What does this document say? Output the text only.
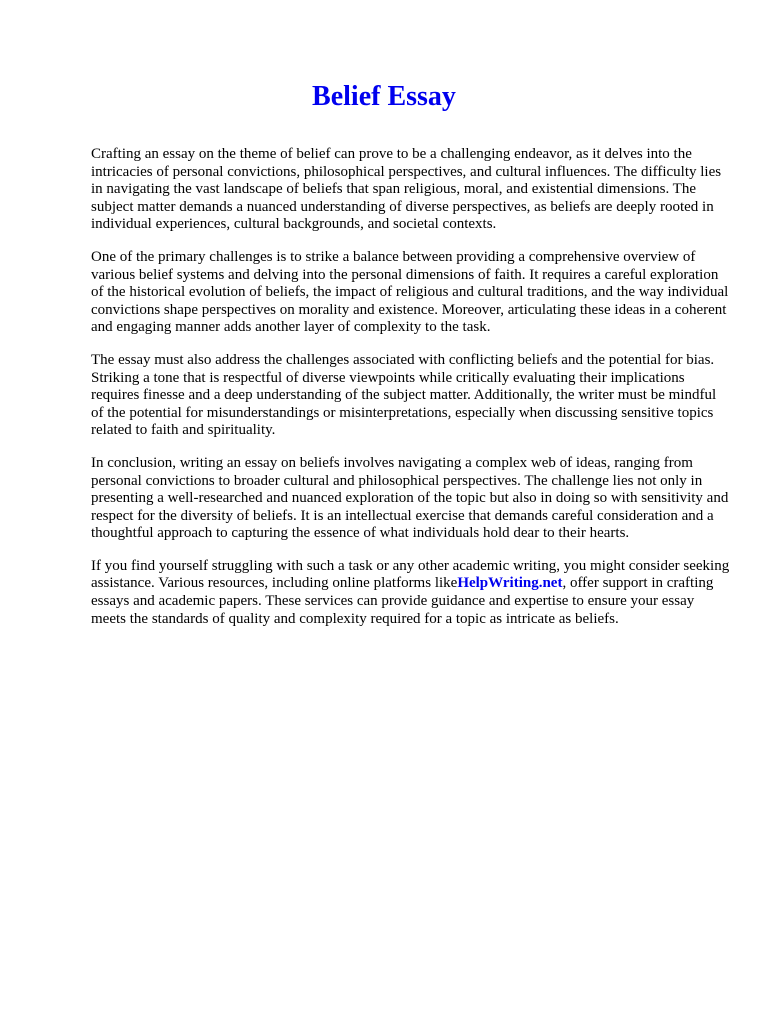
Belief Essay

Crafting an essay on the theme of belief can prove to be a challenging endeavor, as it delves into the intricacies of personal convictions, philosophical perspectives, and cultural influences. The difficulty lies in navigating the vast landscape of beliefs that span religious, moral, and existential dimensions. The subject matter demands a nuanced understanding of diverse perspectives, as beliefs are deeply rooted in individual experiences, cultural backgrounds, and societal contexts.

One of the primary challenges is to strike a balance between providing a comprehensive overview of various belief systems and delving into the personal dimensions of faith. It requires a careful exploration of the historical evolution of beliefs, the impact of religious and cultural traditions, and the way individual convictions shape perspectives on morality and existence. Moreover, articulating these ideas in a coherent and engaging manner adds another layer of complexity to the task.

The essay must also address the challenges associated with conflicting beliefs and the potential for bias. Striking a tone that is respectful of diverse viewpoints while critically evaluating their implications requires finesse and a deep understanding of the subject matter. Additionally, the writer must be mindful of the potential for misunderstandings or misinterpretations, especially when discussing sensitive topics related to faith and spirituality.

In conclusion, writing an essay on beliefs involves navigating a complex web of ideas, ranging from personal convictions to broader cultural and philosophical perspectives. The challenge lies not only in presenting a well-researched and nuanced exploration of the topic but also in doing so with sensitivity and respect for the diversity of beliefs. It is an intellectual exercise that demands careful consideration and a thoughtful approach to capturing the essence of what individuals hold dear to their hearts.

If you find yourself struggling with such a task or any other academic writing, you might consider seeking assistance. Various resources, including online platforms likeHelpWriting.net, offer support in crafting essays and academic papers. These services can provide guidance and expertise to ensure your essay meets the standards of quality and complexity required for a topic as intricate as beliefs.
